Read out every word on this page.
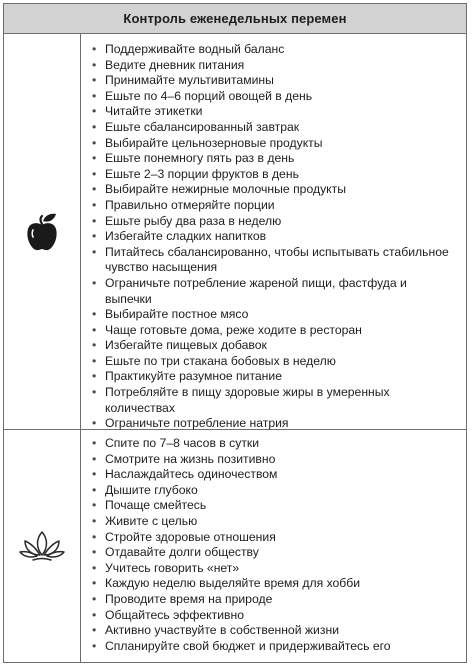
Контроль еженедельных перемен
• Поддерживайте водный баланс
• Ведите дневник питания
• Принимайте мультивитамины
• Ешьте по 4–6 порций овощей в день
• Читайте этикетки
• Ешьте сбалансированный завтрак
• Выбирайте цельнозерновые продукты
• Ешьте понемногу пять раз в день
• Ешьте 2–3 порции фруктов в день
• Выбирайте нежирные молочные продукты
• Правильно отмеряйте порции
• Ешьте рыбу два раза в неделю
• Избегайте сладких напитков
• Питайтесь сбалансированно, чтобы испытывать стабильное чувство насыщения
• Ограничьте потребление жареной пищи, фастфуда и выпечки
• Выбирайте постное мясо
• Чаще готовьте дома, реже ходите в ресторан
• Избегайте пищевых добавок
• Ешьте по три стакана бобовых в неделю
• Практикуйте разумное питание
• Потребляйте в пищу здоровые жиры в умеренных количествах
• Ограничьте потребление натрия
• Спите по 7–8 часов в сутки
• Смотрите на жизнь позитивно
• Наслаждайтесь одиночеством
• Дышите глубоко
• Почаще смейтесь
• Живите с целью
• Стройте здоровые отношения
• Отдавайте долги обществу
• Учитесь говорить «нет»
• Каждую неделю выделяйте время для хобби
• Проводите время на природе
• Общайтесь эффективно
• Активно участвуйте в собственной жизни
• Спланируйте свой бюджет и придерживайтесь его
